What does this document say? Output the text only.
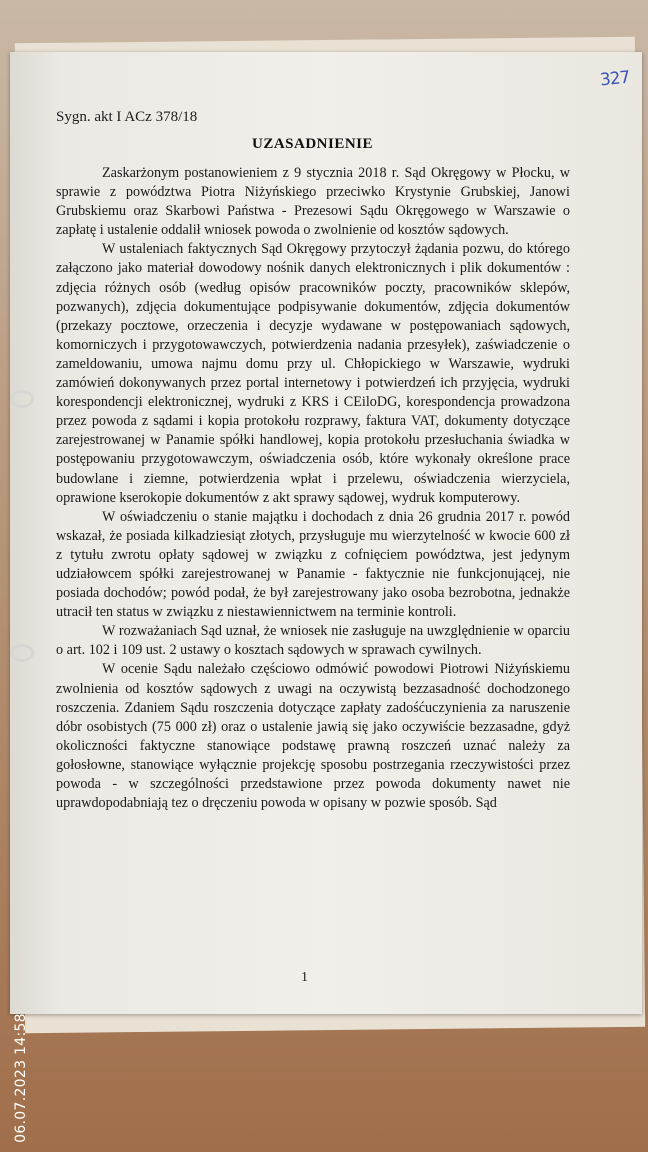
327
Sygn. akt I ACz 378/18
UZASADNIENIE

Zaskarżonym postanowieniem z 9 stycznia 2018 r. Sąd Okręgowy w Płocku, w sprawie z powództwa Piotra Niżyńskiego przeciwko Krystynie Grubskiej, Janowi Grubskiemu oraz Skarbowi Państwa - Prezesowi Sądu Okręgowego w Warszawie o zapłatę i ustalenie oddalił wniosek powoda o zwolnienie od kosztów sądowych.

W ustaleniach faktycznych Sąd Okręgowy przytoczył żądania pozwu, do którego załączono jako materiał dowodowy nośnik danych elektronicznych i plik dokumentów : zdjęcia różnych osób (według opisów pracowników poczty, pracowników sklepów, pozwanych), zdjęcia dokumentujące podpisywanie dokumentów, zdjęcia dokumentów (przekazy pocztowe, orzeczenia i decyzje wydawane w postępowaniach sądowych, komorniczych i przygotowawczych, potwierdzenia nadania przesyłek), zaświadczenie o zameldowaniu, umowa najmu domu przy ul. Chłopickiego w Warszawie, wydruki zamówień dokonywanych przez portal internetowy i potwierdzeń ich przyjęcia, wydruki korespondencji elektronicznej, wydruki z KRS i CEiloDG, korespondencja prowadzona przez powoda z sądami i kopia protokołu rozprawy, faktura VAT, dokumenty dotyczące zarejestrowanej w Panamie spółki handlowej, kopia protokołu przesłuchania świadka w postępowaniu przygotowawczym, oświadczenia osób, które wykonały określone prace budowlane i ziemne, potwierdzenia wpłat i przelewu, oświadczenia wierzyciela, oprawione kserokopie dokumentów z akt sprawy sądowej, wydruk komputerowy.

W oświadczeniu o stanie majątku i dochodach z dnia 26 grudnia 2017 r. powód wskazał, że posiada kilkadziesiąt złotych, przysługuje mu wierzytelność w kwocie 600 zł z tytułu zwrotu opłaty sądowej w związku z cofnięciem powództwa, jest jedynym udziałowcem spółki zarejestrowanej w Panamie - faktycznie nie funkcjonującej, nie posiada dochodów; powód podał, że był zarejestrowany jako osoba bezrobotna, jednakże utracił ten status w związku z niestawiennictwem na terminie kontroli.

W rozważaniach Sąd uznał, że wniosek nie zasługuje na uwzględnienie w oparciu o art. 102 i 109 ust. 2 ustawy o kosztach sądowych w sprawach cywilnych.

W ocenie Sądu należało częściowo odmówić powodowi Piotrowi Niżyńskiemu zwolnienia od kosztów sądowych z uwagi na oczywistą bezzasadność dochodzonego roszczenia. Zdaniem Sądu roszczenia dotyczące zapłaty zadośćuczynienia za naruszenie dóbr osobistych (75 000 zł) oraz o ustalenie jawią się jako oczywiście bezzasadne, gdyż okoliczności faktyczne stanowiące podstawę prawną roszczeń uznać należy za gołosłowne, stanowiące wyłącznie projekcję sposobu postrzegania rzeczywistości przez powoda - w szczególności przedstawione przez powoda dokumenty nawet nie uprawdopodabniają tez o dręczeniu powoda w opisany w pozwie sposób. Sąd

1
06.07.2023 14:58
